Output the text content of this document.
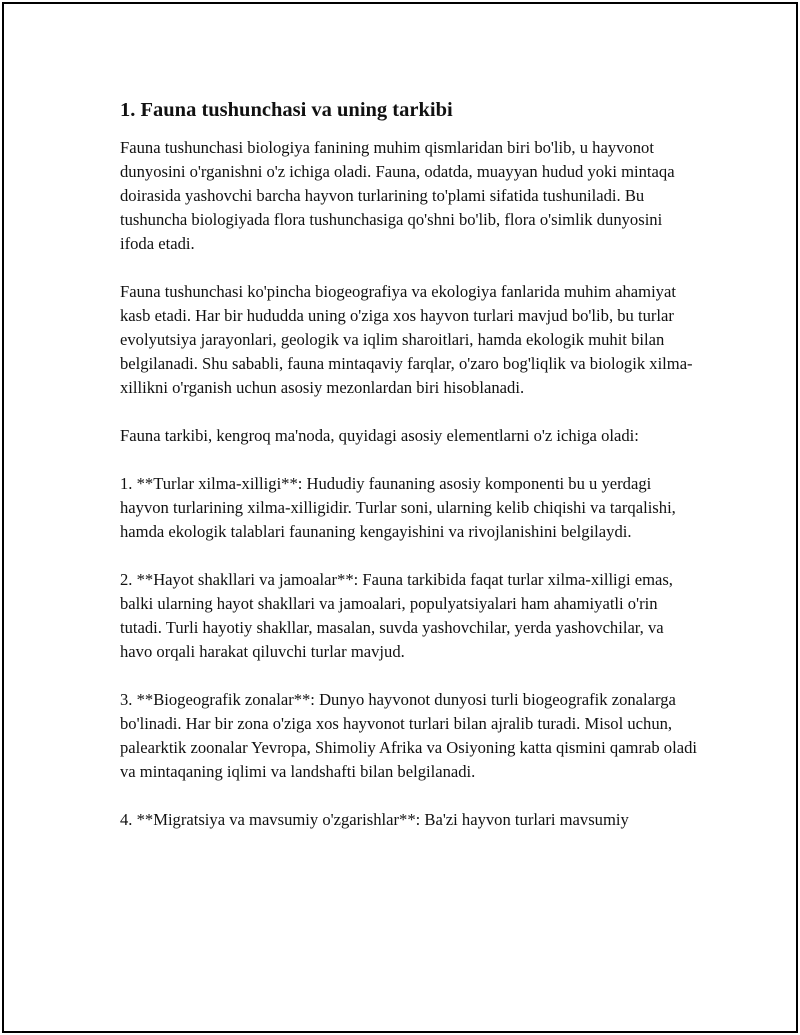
1. Fauna tushunchasi va uning tarkibi

Fauna tushunchasi biologiya fanining muhim qismlaridan biri bo'lib, u hayvonot dunyosini o'rganishni o'z ichiga oladi. Fauna, odatda, muayyan hudud yoki mintaqa doirasida yashovchi barcha hayvon turlarining to'plami sifatida tushuniladi. Bu tushuncha biologiyada flora tushunchasiga qo'shni bo'lib, flora o'simlik dunyosini ifoda etadi.

Fauna tushunchasi ko'pincha biogeografiya va ekologiya fanlarida muhim ahamiyat kasb etadi. Har bir hududda uning o'ziga xos hayvon turlari mavjud bo'lib, bu turlar evolyutsiya jarayonlari, geologik va iqlim sharoitlari, hamda ekologik muhit bilan belgilanadi. Shu sababli, fauna mintaqaviy farqlar, o'zaro bog'liqlik va biologik xilma-xillikni o'rganish uchun asosiy mezonlardan biri hisoblanadi.

Fauna tarkibi, kengroq ma'noda, quyidagi asosiy elementlarni o'z ichiga oladi:

1. **Turlar xilma-xilligi**: Hududiy faunaning asosiy komponenti bu u yerdagi hayvon turlarining xilma-xilligidir. Turlar soni, ularning kelib chiqishi va tarqalishi, hamda ekologik talablari faunaning kengayishini va rivojlanishini belgilaydi.

2. **Hayot shakllari va jamoalar**: Fauna tarkibida faqat turlar xilma-xilligi emas, balki ularning hayot shakllari va jamoalari, populyatsiyalari ham ahamiyatli o'rin tutadi. Turli hayotiy shakllar, masalan, suvda yashovchilar, yerda yashovchilar, va havo orqali harakat qiluvchi turlar mavjud.

3. **Biogeografik zonalar**: Dunyo hayvonot dunyosi turli biogeografik zonalarga bo'linadi. Har bir zona o'ziga xos hayvonot turlari bilan ajralib turadi. Misol uchun, palearktik zoonalar Yevropa, Shimoliy Afrika va Osiyoning katta qismini qamrab oladi va mintaqaning iqlimi va landshafti bilan belgilanadi.

4. **Migratsiya va mavsumiy o'zgarishlar**: Ba'zi hayvon turlari mavsumiy
